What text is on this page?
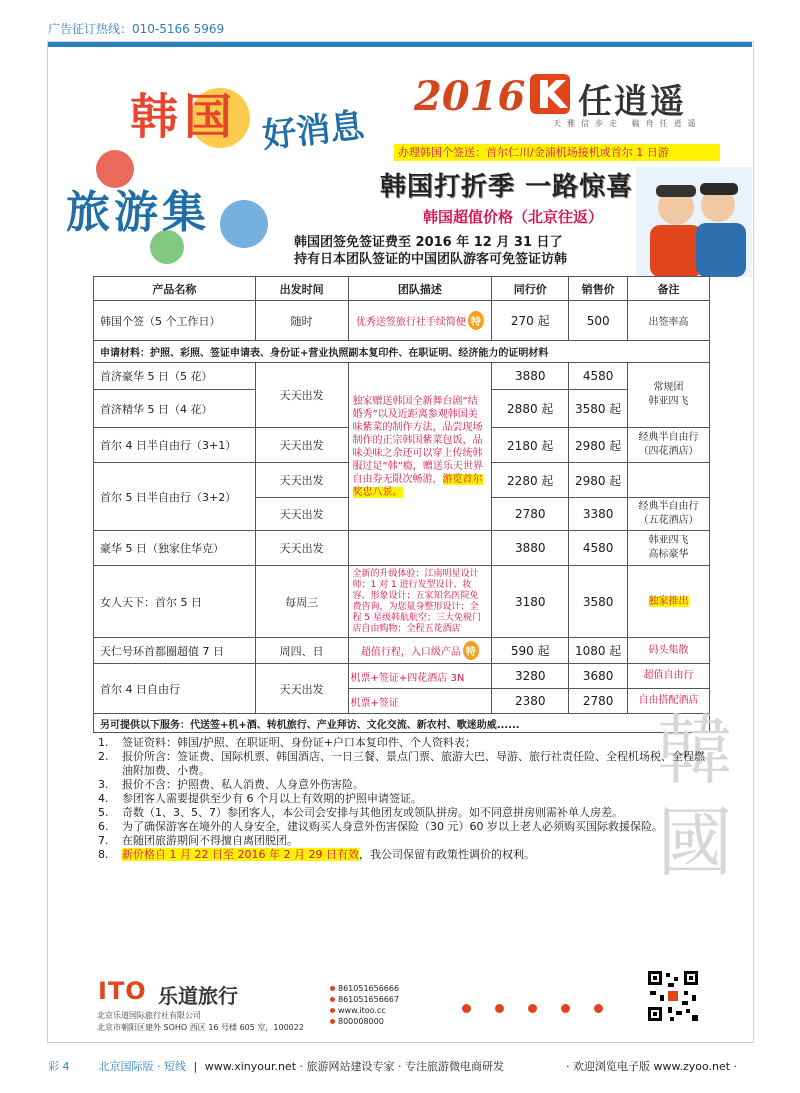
广告征订热线：010-5166 5969
韩国 好消息
旅游集
2016 任逍遥
天雅信步走 稿舟任逍遥
办理韩国个签送：首尔仁川/金浦机场接机或首尔 1 日游
韩国打折季 一路惊喜
韩国超值价格（北京往返）
韩国团签免签证费至 2016 年 12 月 31 日了
持有日本团队签证的中国团队游客可免签证访韩
产品名称	出发时间	团队描述	同行价	销售价	备注
韩国个签（5 个工作日）	随时	优秀送签旅行社手续简便 特	270 起	500	出签率高
申请材料：护照、彩照、签证申请表、身份证+营业执照副本复印件、在职证明、经济能力的证明材料					
首济豪华 5 日（5 花）	天天出发	独家赠送韩国全新舞台剧“结婚秀”以及近距离参观韩国美味紫菜的制作方法，品尝现场制作的正宗韩国紫菜包饭，品味美味之余还可以穿上传统韩服过足“韩”瘾，赠送乐天世界自由券无限次畅游，游览首尔奖忠八景。	3880	4580	常规团
韩亚四飞
首济精华 5 日（4 花）			2880 起	3580 起	
首尔 4 日半自由行（3+1）	天天出发		2180 起	2980 起	经典半自由行
（四花酒店）
首尔 5 日半自由行（3+2）	天天出发		2280 起	2980 起	
	天天出发		2780	3380	经典半自由行
（五花酒店）
豪华 5 日（独家住华克）	天天出发		3880	4580	韩亚四飞
高标豪华
女人天下：首尔 5 日	每周三	全新的升级体验；江南明星设计师；1 对 1 进行发型设计、妆容、形象设计；五家知名医院免费咨询，为您量身整形设计；全程 5 星级韩航航空；三大免税门店自由购物；全程五花酒店	3180	3580	独家推出
天仁号环首都圈超值 7 日	周四、日	超值行程，入口级产品 特	590 起	1080 起	码头集散
首尔 4 日自由行	天天出发	机票+签证+四花酒店 3N	3280	3680	超值自由行
		机票+签证	2380	2780	自由搭配酒店
另可提供以下服务：代送签+机+酒、转机旅行、产业拜访、文化交流、新农村、歌迷助威......					韓國
1.	签证资料：韩国/护照、在职证明、身份证+户口本复印件、个人资料表；
2.	报价所含：签证费、国际机票、韩国酒店、一日三餐、景点门票、旅游大巴、导游、旅行社责任险、全程机场税、全程燃油附加费、小费。
3.	报价不含：护照费、私人消费、人身意外伤害险。
4.	参团客人需要提供至少有 6 个月以上有效期的护照申请签证。
5.	奇数（1、3、5、7）参团客人，本公司会安排与其他团友或领队拼房。如不同意拼房则需补单人房差。
6.	为了确保游客在境外的人身安全，建议购买人身意外伤害保险（30 元）60 岁以上老人必须购买国际救援保险。
7.	在随团旅游期间不得擅自离团脱团。
8.	新价格自 1 月 22 日至 2016 年 2 月 29 日有效，我公司保留有政策性调价的权利。
ITO 乐道旅行
北京乐道国际旅行社有限公司
北京市朝阳区建外 SOHO 西区 16 号楼 605 室，100022
861051656666
861051656667
www.itoo.cc
800008000
彩 4	北京国际版 · 短线 | www.xinyour.net · 旅游网站建设专家 · 专注旅游微电商研发	· 欢迎浏览电子版 www.zyoo.net ·
